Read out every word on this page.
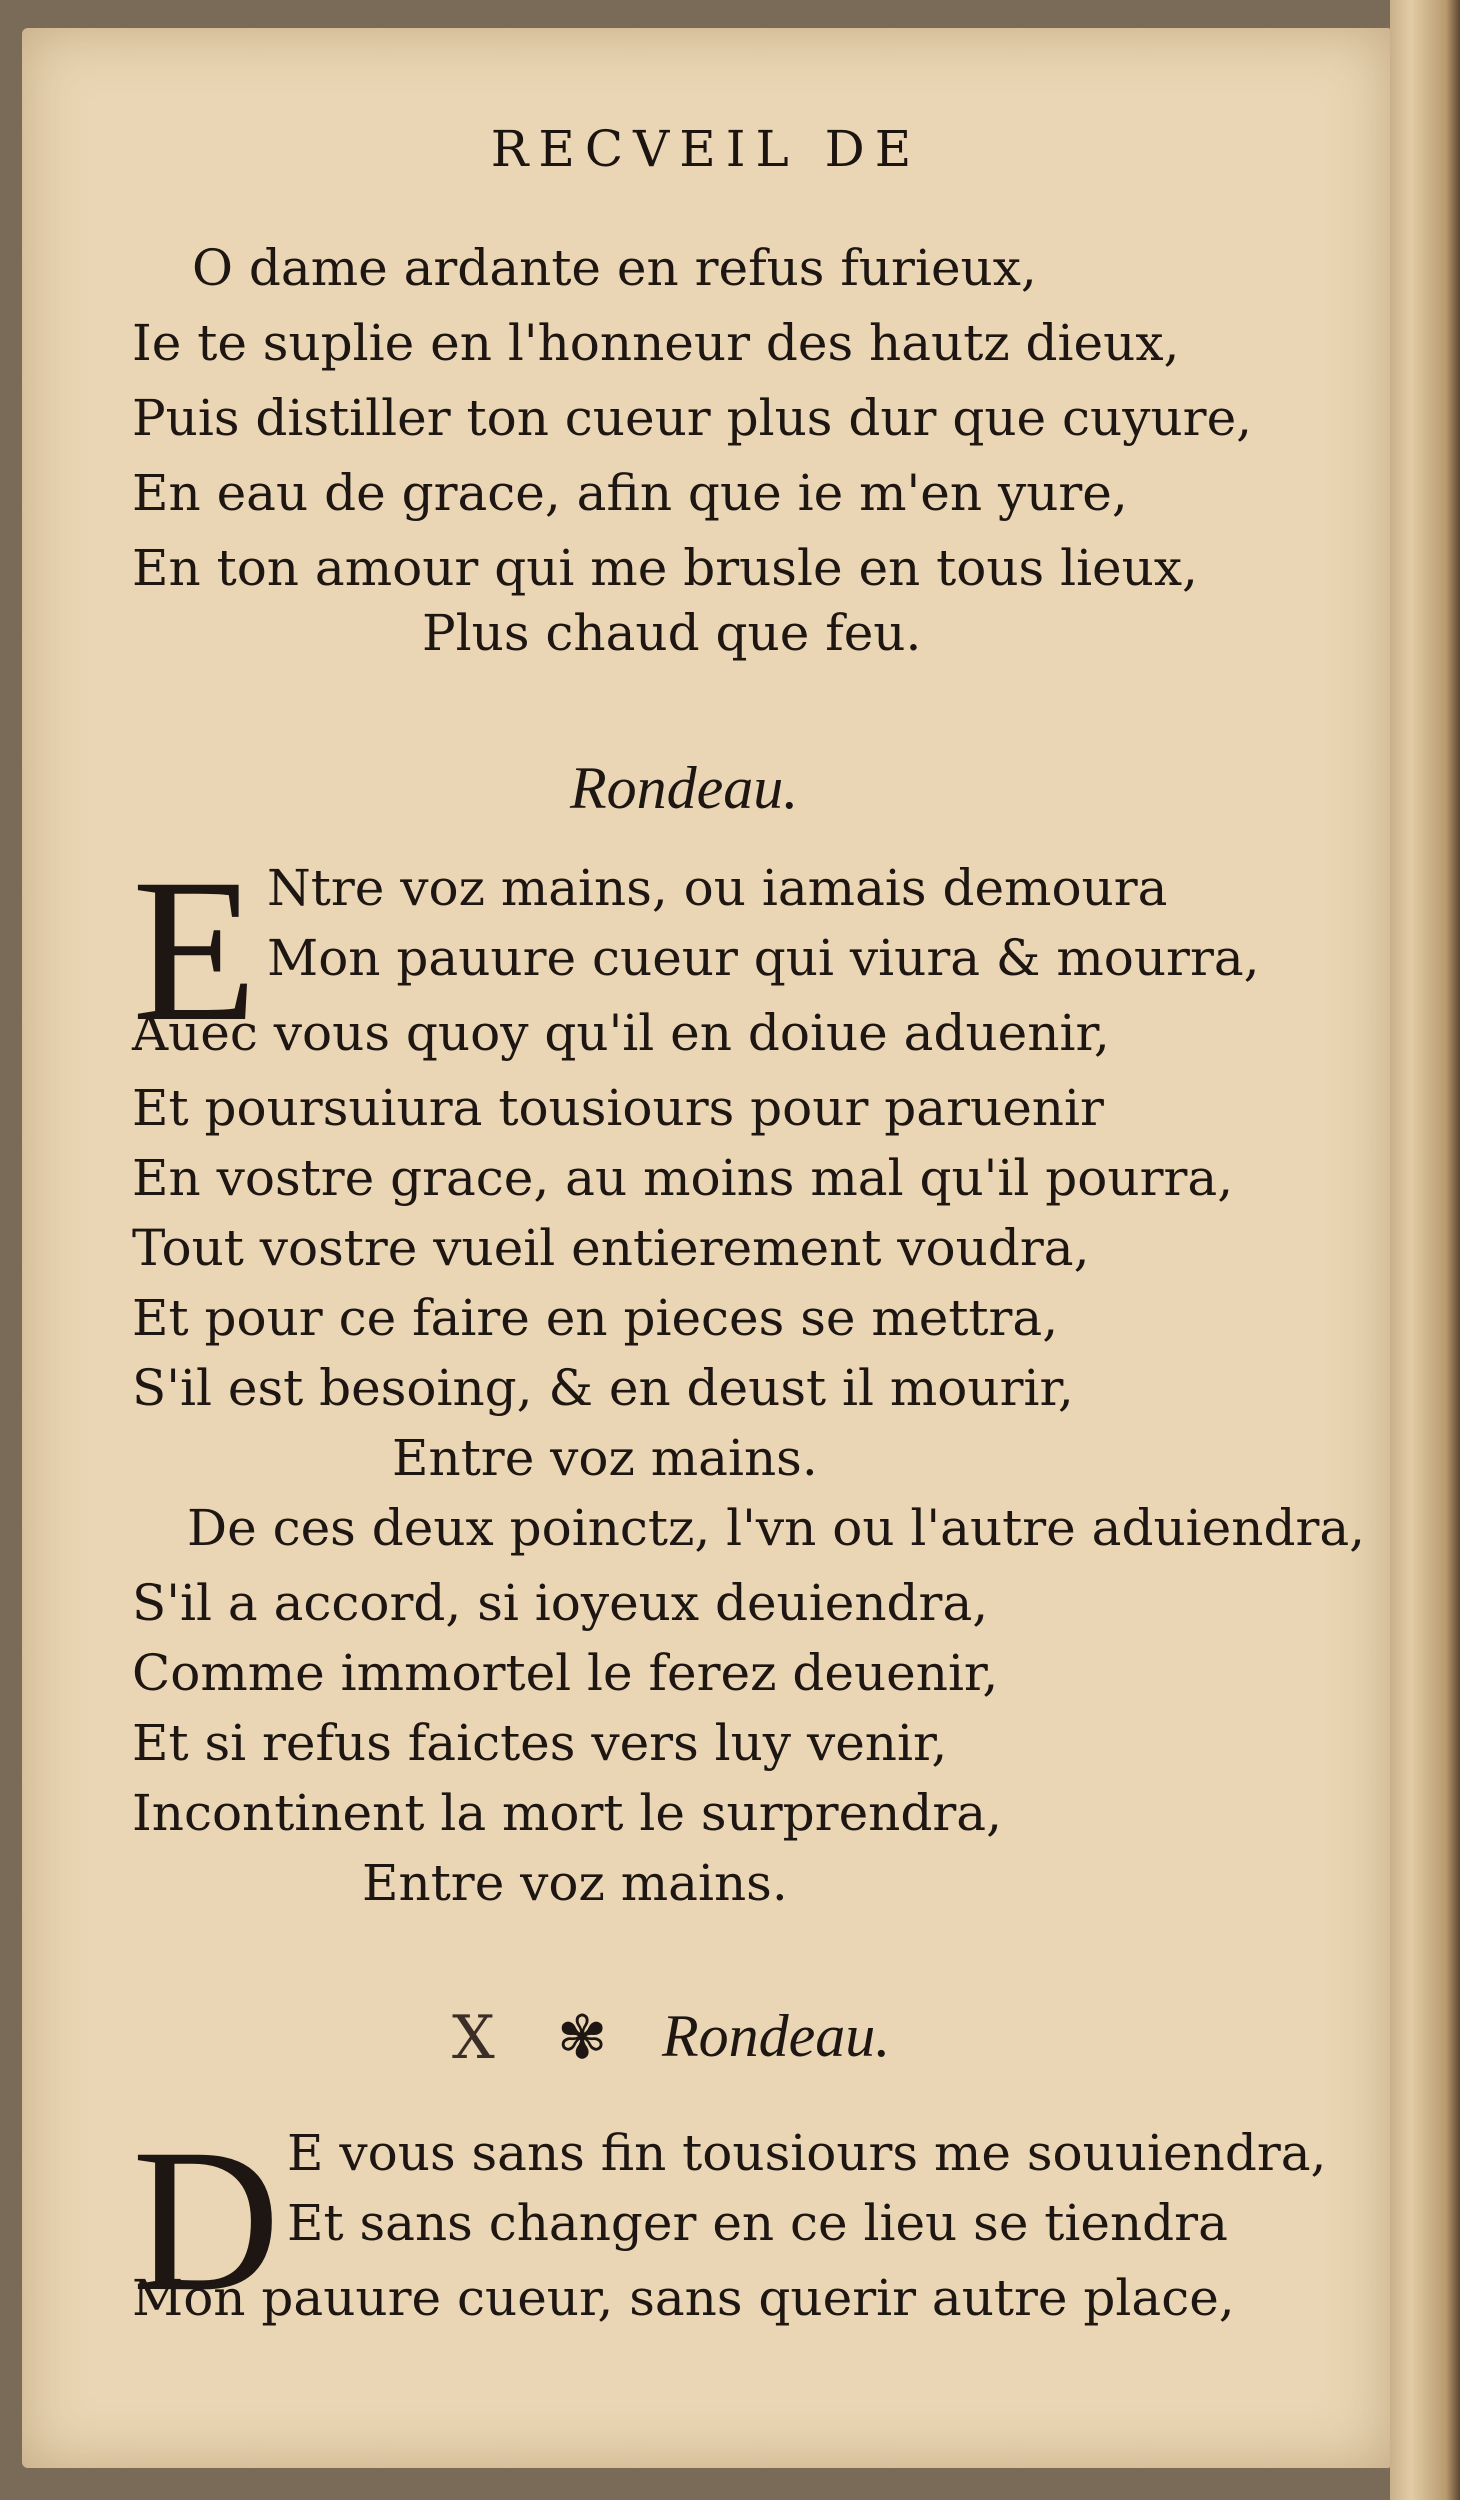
RECVEIL DE
O dame ardante en refus furieux,
Ie te suplie en l'honneur des hautz dieux,
Puis distiller ton cueur plus dur que cuyure,
En eau de grace, afin que ie m'en yure,
En ton amour qui me brusle en tous lieux,
Plus chaud que feu.
Rondeau.
E Ntre voz mains, ou iamais demoura
Mon pauure cueur qui viura & mourra,
Auec vous quoy qu'il en doiue aduenir,
Et poursuiura tousiours pour paruenir
En vostre grace, au moins mal qu'il pourra,
Tout vostre vueil entierement voudra,
Et pour ce faire en pieces se mettra,
S'il est besoing, & en deust il mourir,
Entre voz mains.
De ces deux poinctz, l'vn ou l'autre aduiendra,
S'il a accord, si ioyeux deuiendra,
Comme immortel le ferez deuenir,
Et si refus faictes vers luy venir,
Incontinent la mort le surprendra,
Entre voz mains.
X ✾ Rondeau.
D E vous sans fin tousiours me souuiendra,
Et sans changer en ce lieu se tiendra
Mon pauure cueur, sans querir autre place,
